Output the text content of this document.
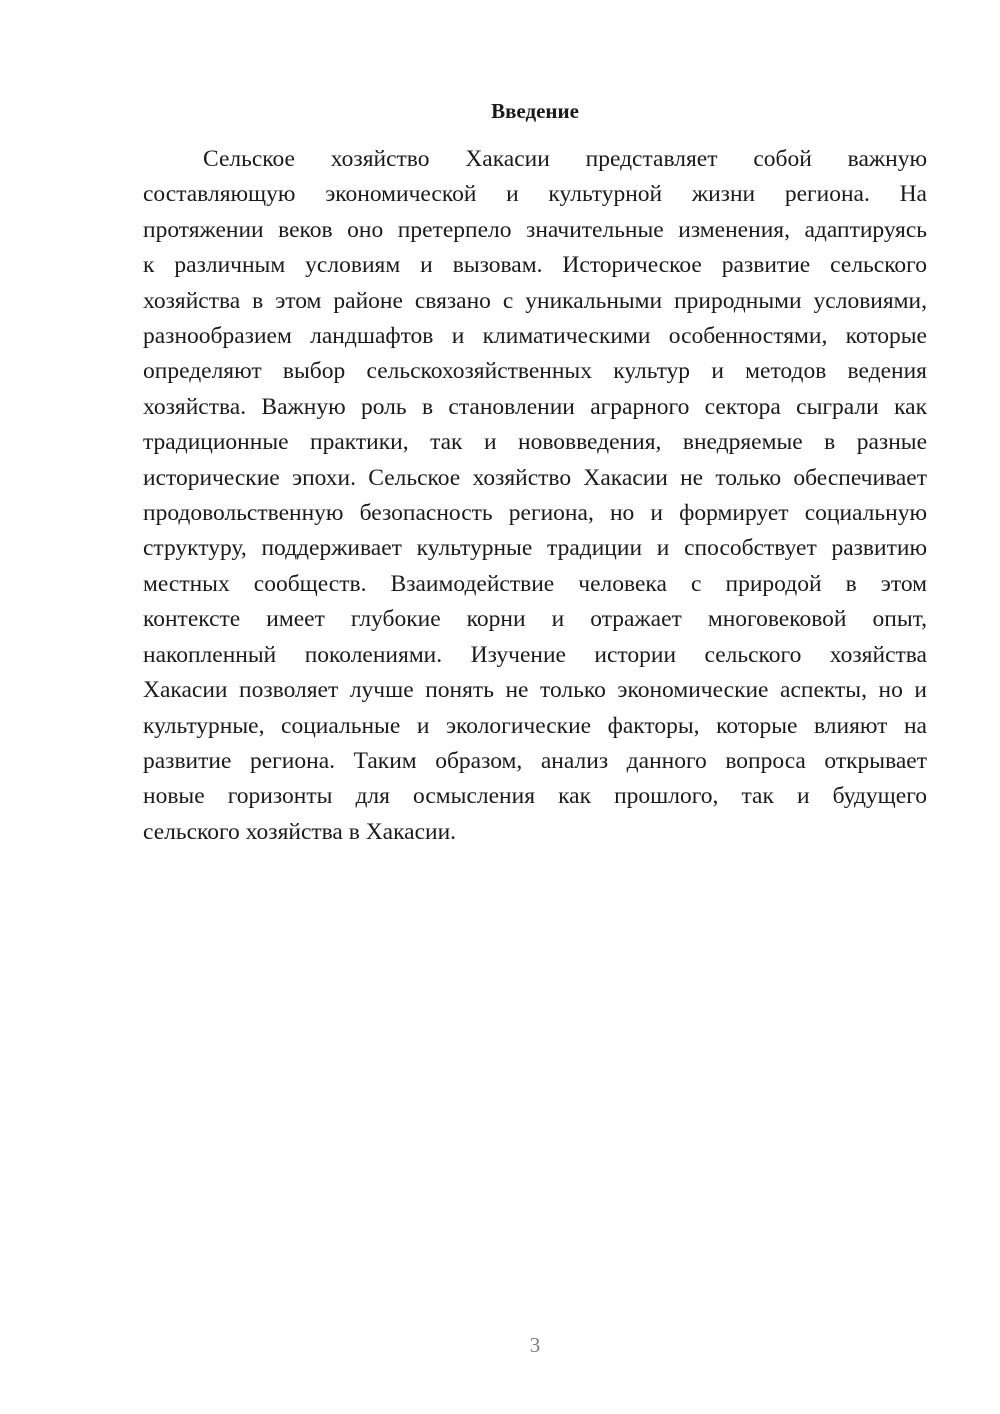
Введение

Сельское хозяйство Хакасии представляет собой важную
составляющую экономической и культурной жизни региона. На
протяжении веков оно претерпело значительные изменения, адаптируясь
к различным условиям и вызовам. Историческое развитие сельского
хозяйства в этом районе связано с уникальными природными условиями,
разнообразием ландшафтов и климатическими особенностями, которые
определяют выбор сельскохозяйственных культур и методов ведения
хозяйства. Важную роль в становлении аграрного сектора сыграли как
традиционные практики, так и нововведения, внедряемые в разные
исторические эпохи. Сельское хозяйство Хакасии не только обеспечивает
продовольственную безопасность региона, но и формирует социальную
структуру, поддерживает культурные традиции и способствует развитию
местных сообществ. Взаимодействие человека с природой в этом
контексте имеет глубокие корни и отражает многовековой опыт,
накопленный поколениями. Изучение истории сельского хозяйства
Хакасии позволяет лучше понять не только экономические аспекты, но и
культурные, социальные и экологические факторы, которые влияют на
развитие региона. Таким образом, анализ данного вопроса открывает
новые горизонты для осмысления как прошлого, так и будущего
сельского хозяйства в Хакасии.

3
